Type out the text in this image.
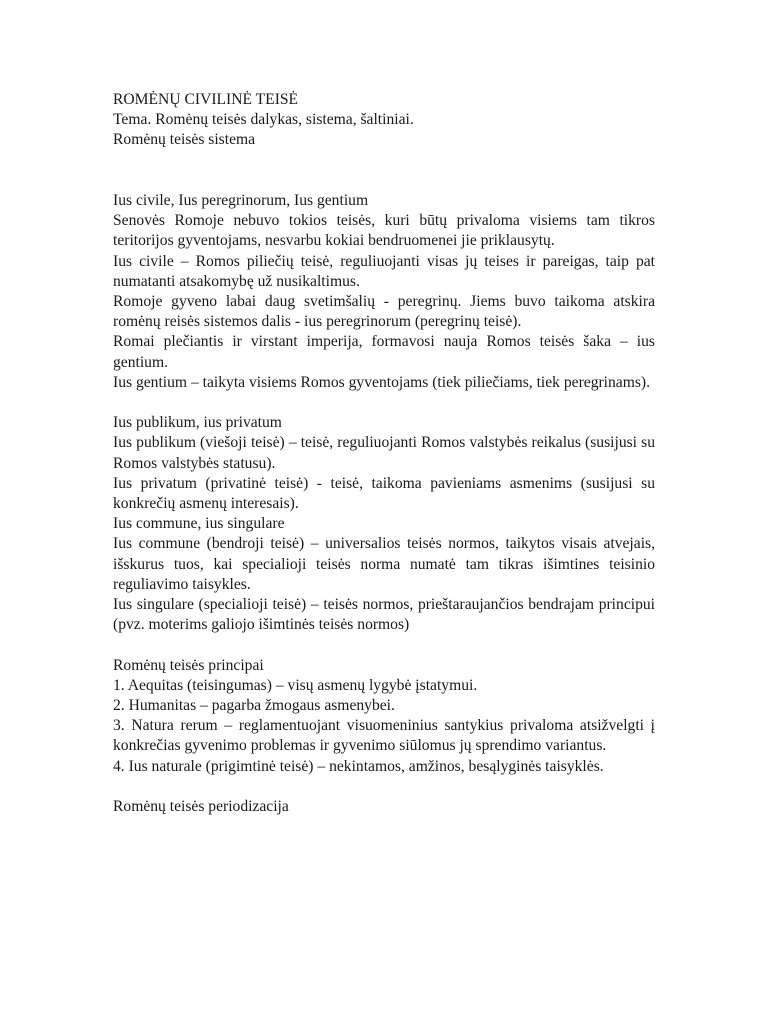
ROMĖNŲ CIVILINĖ TEISĖ

Tema. Romėnų teisės dalykas, sistema, šaltiniai.

Romėnų teisės sistema

Ius civile, Ius peregrinorum, Ius gentium

Senovės Romoje nebuvo tokios teisės, kuri būtų privaloma visiems tam tikros teritorijos gyventojams, nesvarbu kokiai bendruomenei jie priklausytų.

Ius civile – Romos piliečių teisė, reguliuojanti visas jų teises ir pareigas, taip pat numatanti atsakomybę už nusikaltimus.

Romoje gyveno labai daug svetimšalių - peregrinų. Jiems buvo taikoma atskira romėnų reisės sistemos dalis - ius peregrinorum (peregrinų teisė).

Romai plečiantis ir virstant imperija, formavosi nauja Romos teisės šaka – ius gentium.

Ius gentium – taikyta visiems Romos gyventojams (tiek piliečiams, tiek peregrinams).

Ius publikum, ius privatum

Ius publikum (viešoji teisė) – teisė, reguliuojanti Romos valstybės reikalus (susijusi su Romos valstybės statusu).

Ius privatum (privatinė teisė) - teisė, taikoma pavieniams asmenims (susijusi su konkrečių asmenų interesais).

Ius commune, ius singulare

Ius commune (bendroji teisė) – universalios teisės normos, taikytos visais atvejais, išskurus tuos, kai specialioji teisės norma numatė tam tikras išimtines teisinio reguliavimo taisykles.

Ius singulare (specialioji teisė) – teisės normos, prieštaraujančios bendrajam principui (pvz. moterims galiojo išimtinės teisės normos)

Romėnų teisės principai

1. Aequitas (teisingumas) – visų asmenų lygybė įstatymui.

2. Humanitas – pagarba žmogaus asmenybei.

3. Natura rerum – reglamentuojant visuomeninius santykius privaloma atsižvelgti į konkrečias gyvenimo problemas ir gyvenimo siūlomus jų sprendimo variantus.

4. Ius naturale (prigimtinė teisė) – nekintamos, amžinos, besąlyginės taisyklės.

Romėnų teisės periodizacija
